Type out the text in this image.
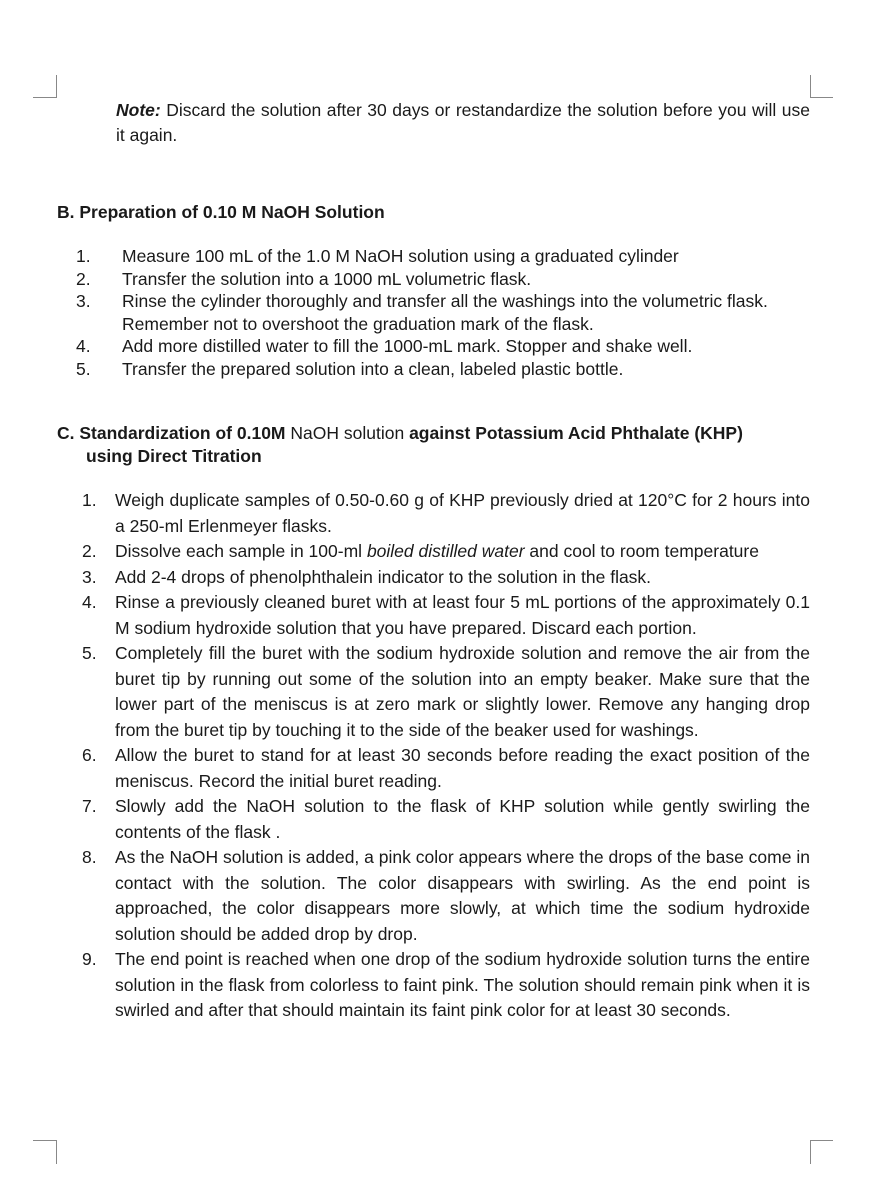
Note: Discard the solution after 30 days or restandardize the solution before you will use it again.
B. Preparation of 0.10 M NaOH Solution
1.	Measure 100 mL of the 1.0 M NaOH solution using a graduated cylinder
2.	Transfer the solution into a 1000 mL volumetric flask.
3.	Rinse the cylinder thoroughly and transfer all the washings into the volumetric flask. Remember not to overshoot the graduation mark of the flask.
4.	Add more distilled water to fill the 1000-mL mark. Stopper and shake well.
5.	Transfer the prepared solution into a clean, labeled plastic bottle.
C. Standardization of 0.10M NaOH solution against Potassium Acid Phthalate (KHP)
using Direct Titration
1.	Weigh duplicate samples of 0.50-0.60 g of KHP previously dried at 120°C for 2 hours into a 250-ml Erlenmeyer flasks.
2.	Dissolve each sample in 100-ml boiled distilled water and cool to room temperature
3.	Add 2-4 drops of phenolphthalein indicator to the solution in the flask.
4.	Rinse a previously cleaned buret with at least four 5 mL portions of the approximately 0.1 M sodium hydroxide solution that you have prepared. Discard each portion.
5.	Completely fill the buret with the sodium hydroxide solution and remove the air from the buret tip by running out some of the solution into an empty beaker. Make sure that the lower part of the meniscus is at zero mark or slightly lower. Remove any hanging drop from the buret tip by touching it to the side of the beaker used for washings.
6.	Allow the buret to stand for at least 30 seconds before reading the exact position of the meniscus. Record the initial buret reading.
7.	Slowly add the NaOH solution to the flask of KHP solution while gently swirling the contents of the flask .
8.	As the NaOH solution is added, a pink color appears where the drops of the base come in contact with the solution. The color disappears with swirling. As the end point is approached, the color disappears more slowly, at which time the sodium hydroxide solution should be added drop by drop.
9.	The end point is reached when one drop of the sodium hydroxide solution turns the entire solution in the flask from colorless to faint pink. The solution should remain pink when it is swirled and after that should maintain its faint pink color for at least 30 seconds.
